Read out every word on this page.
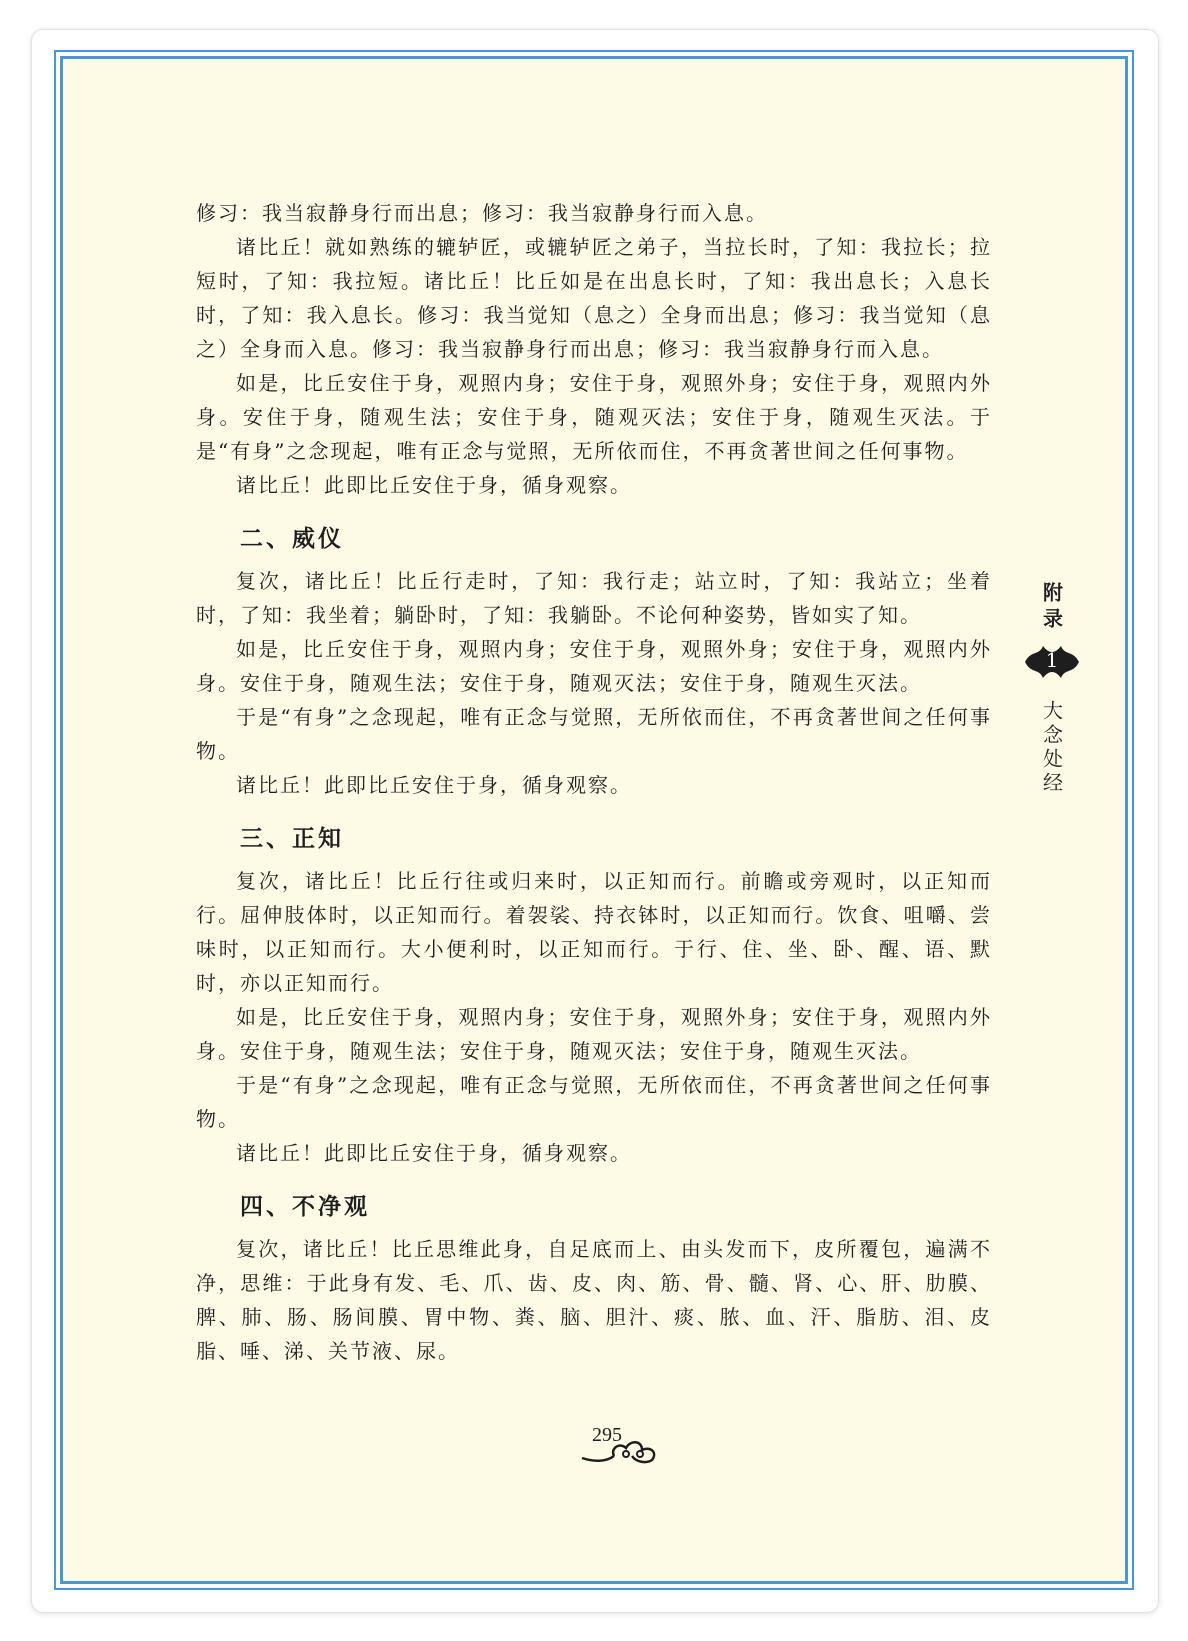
修习：我当寂静身行而出息；修习：我当寂静身行而入息。

诸比丘！就如熟练的辘轳匠，或辘轳匠之弟子，当拉长时，了知：我拉长；拉短时，了知：我拉短。诸比丘！比丘如是在出息长时，了知：我出息长；入息长时，了知：我入息长。修习：我当觉知（息之）全身而出息；修习：我当觉知（息之）全身而入息。修习：我当寂静身行而出息；修习：我当寂静身行而入息。

如是，比丘安住于身，观照内身；安住于身，观照外身；安住于身，观照内外身。安住于身，随观生法；安住于身，随观灭法；安住于身，随观生灭法。于是“有身”之念现起，唯有正念与觉照，无所依而住，不再贪著世间之任何事物。

诸比丘！此即比丘安住于身，循身观察。

二、威仪

复次，诸比丘！比丘行走时，了知：我行走；站立时，了知：我站立；坐着时，了知：我坐着；躺卧时，了知：我躺卧。不论何种姿势，皆如实了知。

如是，比丘安住于身，观照内身；安住于身，观照外身；安住于身，观照内外身。安住于身，随观生法；安住于身，随观灭法；安住于身，随观生灭法。

于是“有身”之念现起，唯有正念与觉照，无所依而住，不再贪著世间之任何事物。

诸比丘！此即比丘安住于身，循身观察。

三、正知

复次，诸比丘！比丘行往或归来时，以正知而行。前瞻或旁观时，以正知而行。屈伸肢体时，以正知而行。着袈裟、持衣钵时，以正知而行。饮食、咀嚼、尝味时，以正知而行。大小便利时，以正知而行。于行、住、坐、卧、醒、语、默时，亦以正知而行。

如是，比丘安住于身，观照内身；安住于身，观照外身；安住于身，观照内外身。安住于身，随观生法；安住于身，随观灭法；安住于身，随观生灭法。

于是“有身”之念现起，唯有正念与觉照，无所依而住，不再贪著世间之任何事物。

诸比丘！此即比丘安住于身，循身观察。

四、不净观

复次，诸比丘！比丘思维此身，自足底而上、由头发而下，皮所覆包，遍满不净，思维：于此身有发、毛、爪、齿、皮、肉、筋、骨、髓、肾、心、肝、肋膜、脾、肺、肠、肠间膜、胃中物、粪、脑、胆汁、痰、脓、血、汗、脂肪、泪、皮脂、唾、涕、关节液、尿。

附录
1
大念处经
295
